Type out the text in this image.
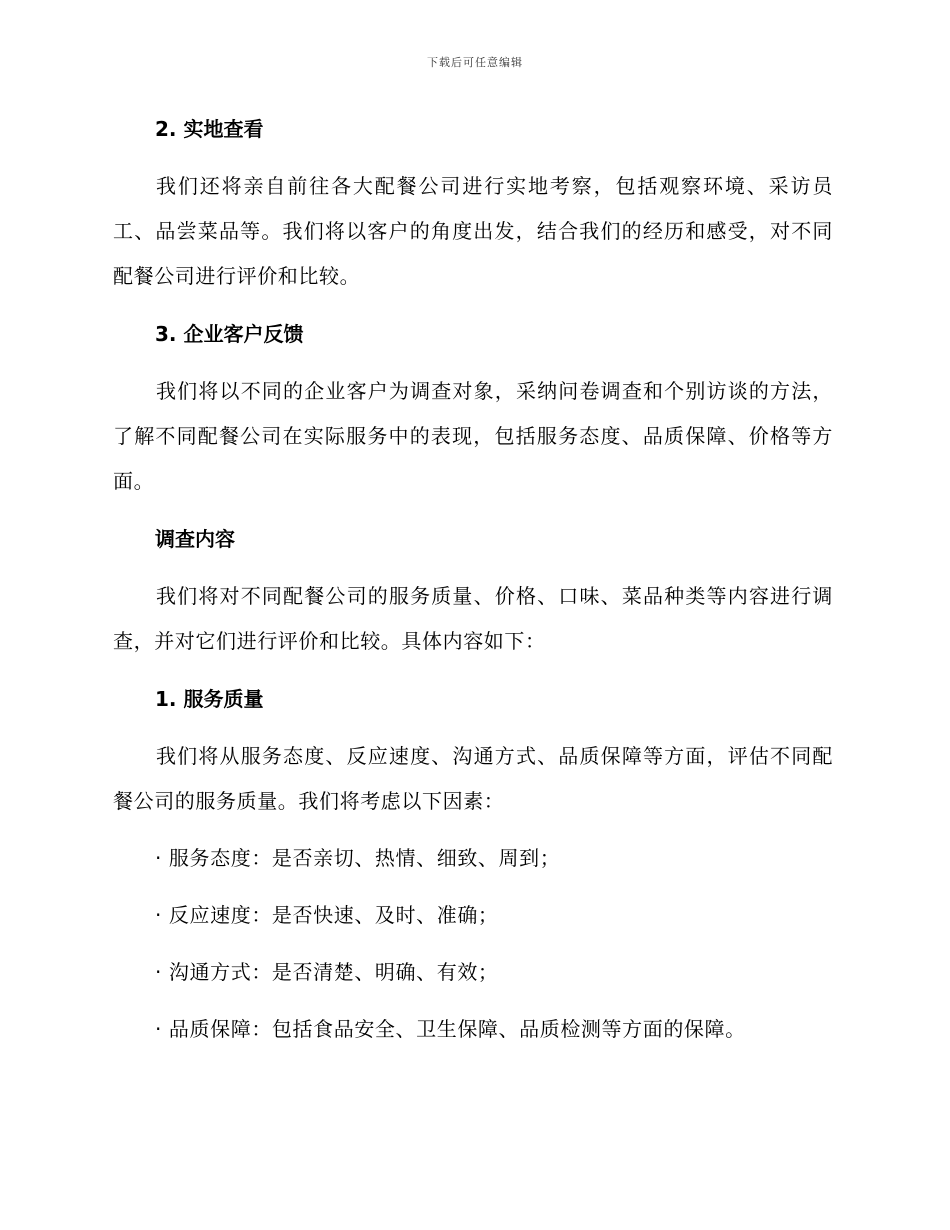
下载后可任意编辑
2. 实地查看

我们还将亲自前往各大配餐公司进行实地考察，包括观察环境、采访员工、品尝菜品等。我们将以客户的角度出发，结合我们的经历和感受，对不同配餐公司进行评价和比较。

3. 企业客户反馈

我们将以不同的企业客户为调查对象，采纳问卷调查和个别访谈的方法，了解不同配餐公司在实际服务中的表现，包括服务态度、品质保障、价格等方面。

调查内容

我们将对不同配餐公司的服务质量、价格、口味、菜品种类等内容进行调查，并对它们进行评价和比较。具体内容如下：

1. 服务质量

我们将从服务态度、反应速度、沟通方式、品质保障等方面，评估不同配餐公司的服务质量。我们将考虑以下因素：

· 服务态度：是否亲切、热情、细致、周到；
· 反应速度：是否快速、及时、准确；
· 沟通方式：是否清楚、明确、有效；
· 品质保障：包括食品安全、卫生保障、品质检测等方面的保障。
